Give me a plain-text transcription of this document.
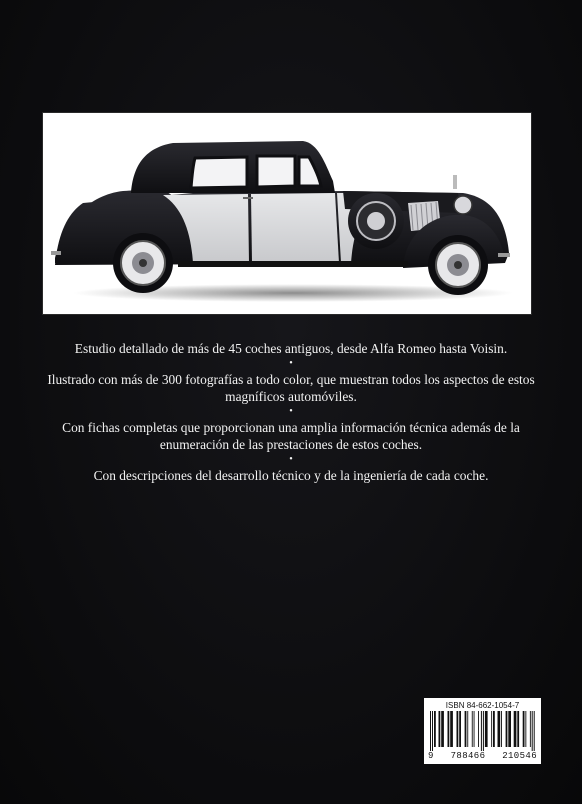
Estudio detallado de más de 45 coches antiguos, desde Alfa Romeo hasta Voisin.

•

Ilustrado con más de 300 fotografías a todo color, que muestran todos los aspectos de estos magníficos automóviles.

•

Con fichas completas que proporcionan una amplia información técnica además de la enumeración de las prestaciones de estos coches.

•

Con descripciones del desarrollo técnico y de la ingeniería de cada coche.

ISBN 84-662-1054-7
9 788466 210546
